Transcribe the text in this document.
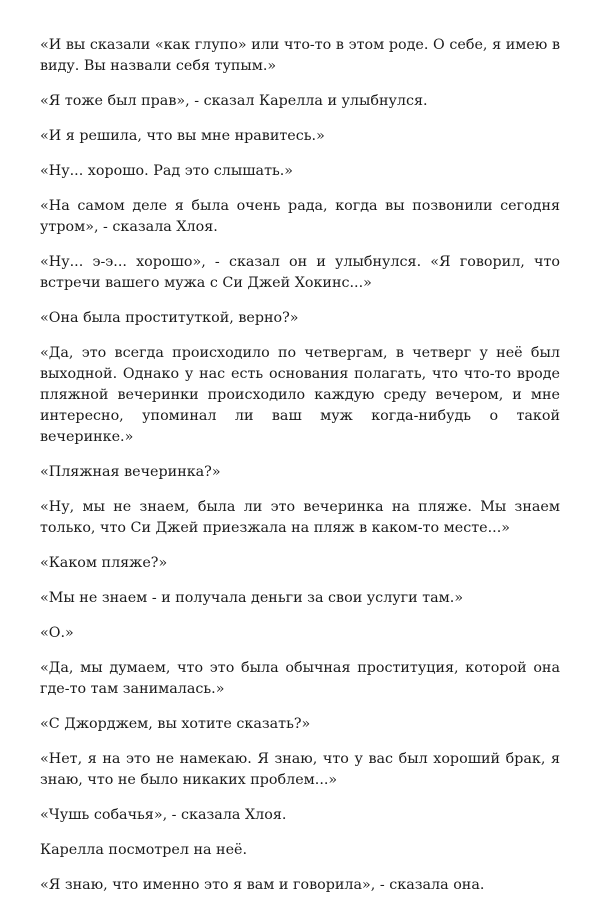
«И вы сказали «как глупо» или что-то в этом роде. О себе, я имею в виду. Вы назвали себя тупым.»

«Я тоже был прав», - сказал Карелла и улыбнулся.

«И я решила, что вы мне нравитесь.»

«Ну... хорошо. Рад это слышать.»

«На самом деле я была очень рада, когда вы позвонили сегодня утром», - сказала Хлоя.

«Ну... э-э... хорошо», - сказал он и улыбнулся. «Я говорил, что встречи вашего мужа с Си Джей Хокинс...»

«Она была проституткой, верно?»

«Да, это всегда происходило по четвергам, в четверг у неё был выходной. Однако у нас есть основания полагать, что что-то вроде пляжной вечеринки происходило каждую среду вечером, и мне интересно, упоминал ли ваш муж когда-нибудь о такой вечеринке.»

«Пляжная вечеринка?»

«Ну, мы не знаем, была ли это вечеринка на пляже. Мы знаем только, что Си Джей приезжала на пляж в каком-то месте...»

«Каком пляже?»

«Мы не знаем - и получала деньги за свои услуги там.»

«О.»

«Да, мы думаем, что это была обычная проституция, которой она где-то там занималась.»

«С Джорджем, вы хотите сказать?»

«Нет, я на это не намекаю. Я знаю, что у вас был хороший брак, я знаю, что не было никаких проблем...»

«Чушь собачья», - сказала Хлоя.

Карелла посмотрел на неё.

«Я знаю, что именно это я вам и говорила», - сказала она.
